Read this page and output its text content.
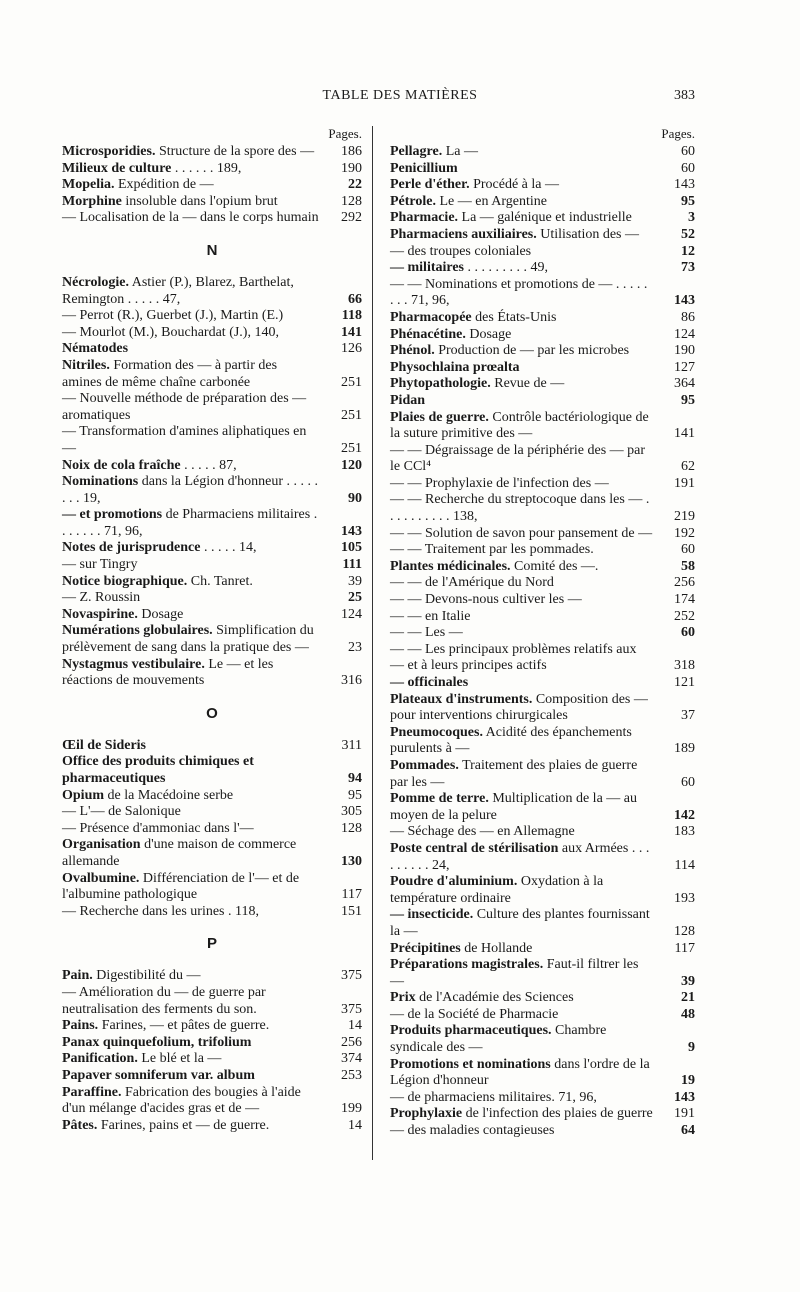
TABLE DES MATIÈRES	383
Pages.
Microsporidies. Structure de la spore des —	186
Milieux de culture . . . . . . 189,	190
Mopelia. Expédition de —	22
Morphine insoluble dans l'opium brut	128
— Localisation de la — dans le corps humain	292
N
Nécrologie. Astier (P.), Blarez, Barthelat, Remington . . . . . 47,	66
— Perrot (R.), Guerbet (J.), Martin (E.)	118
— Mourlot (M.), Bouchardat (J.), 140,	141
Nématodes	126
Nitriles. Formation des — à partir des amines de même chaîne carbonée	251
— Nouvelle méthode de préparation des — aromatiques	251
— Transformation d'amines aliphatiques en —	251
Noix de cola fraîche . . . . . 87,	120
Nominations dans la Légion d'honneur . . . . . . . . 19,	90
— et promotions de Pharmaciens militaires . . . . . . . 71, 96,	143
Notes de jurisprudence . . . . . 14,	105
— sur Tingry	111
Notice biographique. Ch. Tanret.	39
— Z. Roussin	25
Novaspirine. Dosage	124
Numérations globulaires. Simplification du prélèvement de sang dans la pratique des —	23
Nystagmus vestibulaire. Le — et les réactions de mouvements	316
O
Œil de Sideris	311
Office des produits chimiques et pharmaceutiques	94
Opium de la Macédoine serbe	95
— L'— de Salonique	305
— Présence d'ammoniac dans l'—	128
Organisation d'une maison de commerce allemande	130
Ovalbumine. Différenciation de l'— et de l'albumine pathologique	117
— Recherche dans les urines . 118,	151
P
Pain. Digestibilité du —	375
— Amélioration du — de guerre par neutralisation des ferments du son.	375
Pains. Farines, — et pâtes de guerre.	14
Panax quinquefolium, trifolium	256
Panification. Le blé et la —	374
Papaver somniferum var. album	253
Paraffine. Fabrication des bougies à l'aide d'un mélange d'acides gras et de —	199
Pâtes. Farines, pains et — de guerre.	14
Pages.
Pellagre. La —	60
Penicillium	60
Perle d'éther. Procédé à la —	143
Pétrole. Le — en Argentine	95
Pharmacie. La — galénique et industrielle	3
Pharmaciens auxiliaires. Utilisation des —	52
— des troupes coloniales	12
— militaires . . . . . . . . . 49,	73
— — Nominations et promotions de — . . . . . . . . 71, 96,	143
Pharmacopée des États-Unis	86
Phénacétine. Dosage	124
Phénol. Production de — par les microbes	190
Physochlaina prœalta	127
Phytopathologie. Revue de —	364
Pidan	95
Plaies de guerre. Contrôle bactériologique de la suture primitive des —	141
— — Dégraissage de la périphérie des — par le CCl⁴	62
— — Prophylaxie de l'infection des —	191
— — Recherche du streptocoque dans les — . . . . . . . . . . 138,	219
— — Solution de savon pour pansement de —	192
— — Traitement par les pommades.	60
Plantes médicinales. Comité des —.	58
— — de l'Amérique du Nord	256
— — Devons-nous cultiver les —	174
— — en Italie	252
— — Les —	60
— — Les principaux problèmes relatifs aux — et à leurs principes actifs	318
— officinales	121
Plateaux d'instruments. Composition des — pour interventions chirurgicales	37
Pneumocoques. Acidité des épanchements purulents à —	189
Pommades. Traitement des plaies de guerre par les —	60
Pomme de terre. Multiplication de la — au moyen de la pelure	142
— Séchage des — en Allemagne	183
Poste central de stérilisation aux Armées . . . . . . . . . 24,	114
Poudre d'aluminium. Oxydation à la température ordinaire	193
— insecticide. Culture des plantes fournissant la —	128
Précipitines de Hollande	117
Préparations magistrales. Faut-il filtrer les —	39
Prix de l'Académie des Sciences	21
— de la Société de Pharmacie	48
Produits pharmaceutiques. Chambre syndicale des —	9
Promotions et nominations dans l'ordre de la Légion d'honneur	19
— de pharmaciens militaires. 71, 96,	143
Prophylaxie de l'infection des plaies de guerre	191
— des maladies contagieuses	64
